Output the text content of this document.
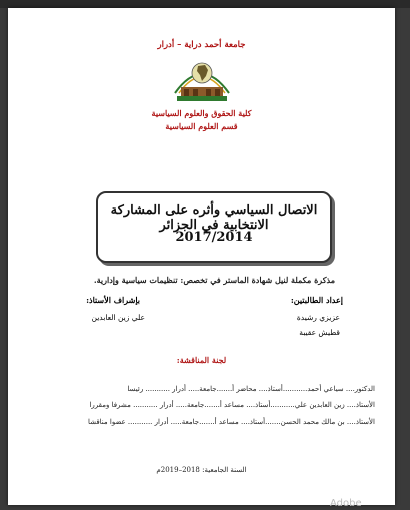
جامعة أحمد دراية – أدرار
جامعة أحمد دراية
كلية الحقوق والعلوم السياسية
قسم العلوم السياسية
الاتصال السياسي وأثره على المشاركة الانتخابية في الجزائر
2017/2014
مذكرة مكملة لنيل شهادة الماستر في تخصص: تنظيمات سياسية وإدارية.
إعداد الطالبتين:
بإشراف الأستاذ:
عزيزي رشيدة
قطيش عقيبة
علي زين العابدين
لجنة المناقشة:
الدكتور.... سياعي أحمد...........أستاذ.... محاضر أ.......جامعة..... أدرار ........... رئيسا
الأستاذ.... زين العابدين علي...........أستاذ.... مساعد أ.......جامعة..... أدرار ........... مشرفا ومقررا
الأستاذ.... بن مالك محمد الحسن.......أستاذ.... مساعد أ.......جامعة..... أدرار ........... عضوا مناقشا
السنة الجامعية: 2018–2019م
Adobe
